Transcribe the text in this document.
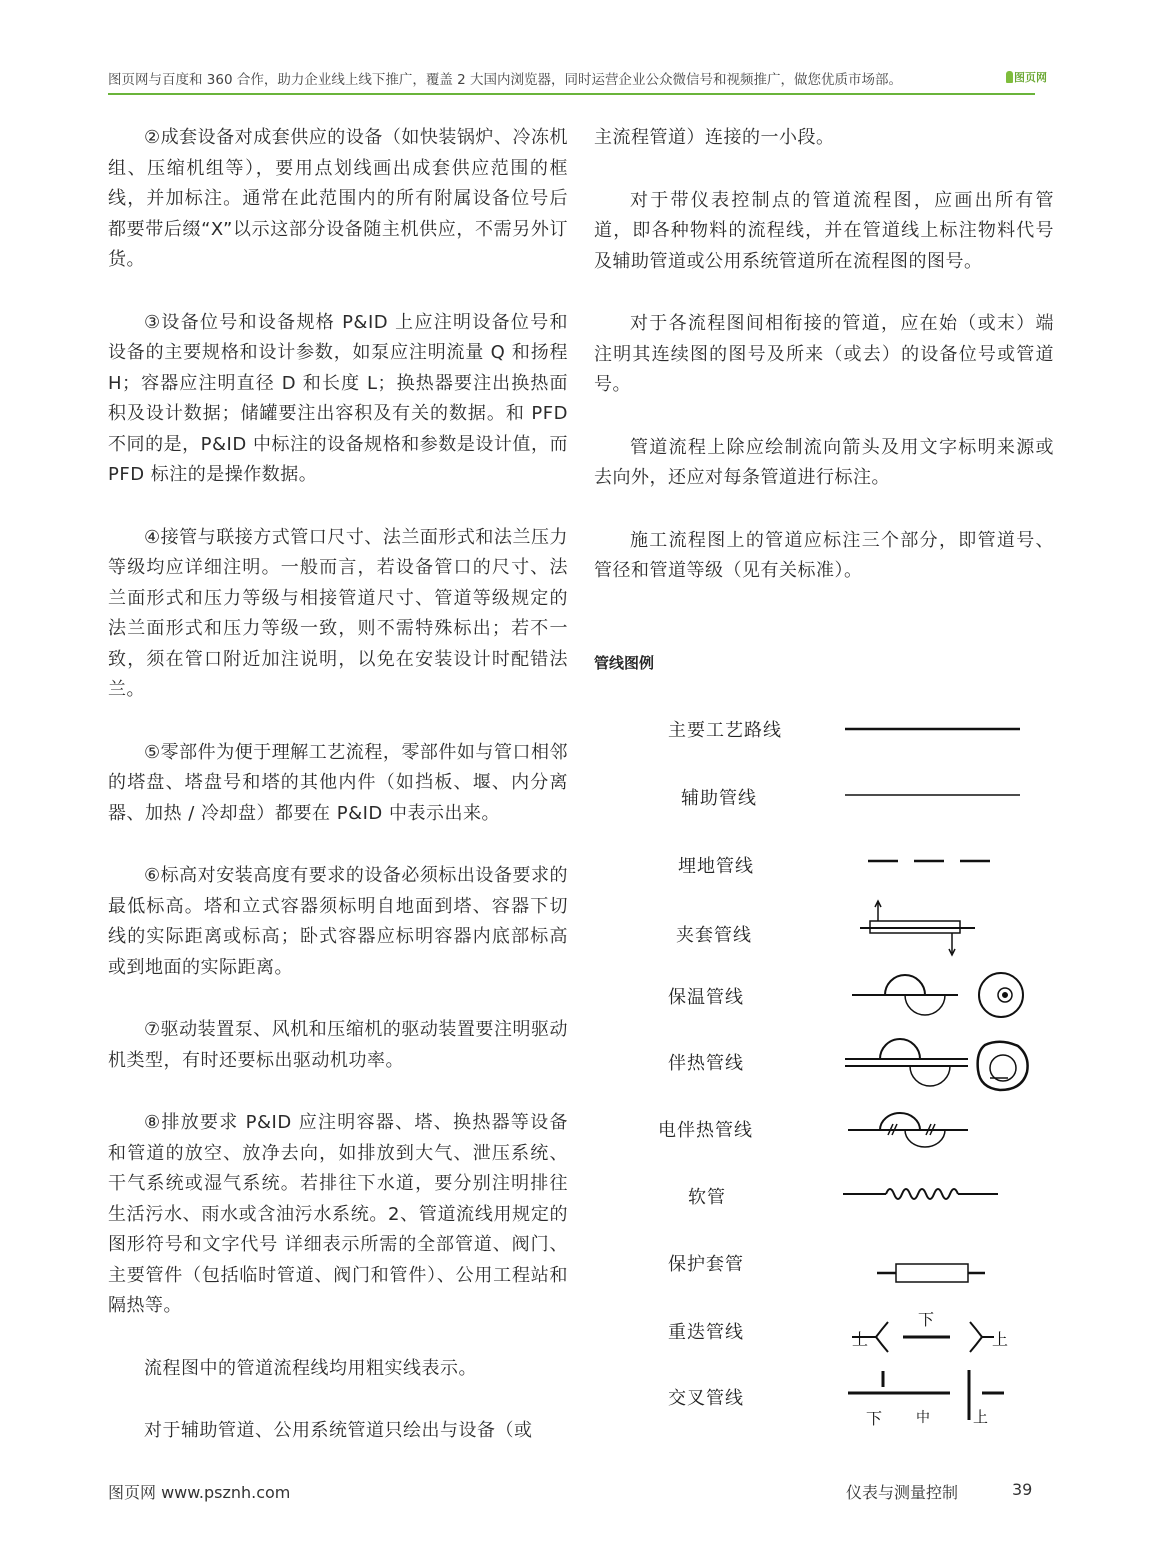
图页网与百度和 360 合作，助力企业线上线下推广，覆盖 2 大国内浏览器，同时运营企业公众微信号和视频推广，做您优质市场部。	图页网

②成套设备对成套供应的设备（如快装锅炉、冷冻机组、压缩机组等），要用点划线画出成套供应范围的框线，并加标注。通常在此范围内的所有附属设备位号后都要带后缀“X”以示这部分设备随主机供应，不需另外订货。

③设备位号和设备规格 P&ID 上应注明设备位号和设备的主要规格和设计参数，如泵应注明流量 Q 和扬程 H；容器应注明直径 D 和长度 L；换热器要注出换热面积及设计数据；储罐要注出容积及有关的数据。和 PFD 不同的是，P&ID 中标注的设备规格和参数是设计值，而 PFD 标注的是操作数据。

④接管与联接方式管口尺寸、法兰面形式和法兰压力等级均应详细注明。一般而言，若设备管口的尺寸、法兰面形式和压力等级与相接管道尺寸、管道等级规定的法兰面形式和压力等级一致，则不需特殊标出；若不一致，须在管口附近加注说明，以免在安装设计时配错法兰。

⑤零部件为便于理解工艺流程，零部件如与管口相邻的塔盘、塔盘号和塔的其他内件（如挡板、堰、内分离器、加热 / 冷却盘）都要在 P&ID 中表示出来。

⑥标高对安装高度有要求的设备必须标出设备要求的最低标高。塔和立式容器须标明自地面到塔、容器下切线的实际距离或标高；卧式容器应标明容器内底部标高或到地面的实际距离。

⑦驱动装置泵、风机和压缩机的驱动装置要注明驱动机类型，有时还要标出驱动机功率。

⑧排放要求 P&ID 应注明容器、塔、换热器等设备和管道的放空、放净去向，如排放到大气、泄压系统、干气系统或湿气系统。若排往下水道，要分别注明排往生活污水、雨水或含油污水系统。2、管道流线用规定的图形符号和文字代号 详细表示所需的全部管道、阀门、主要管件（包括临时管道、阀门和管件）、公用工程站和隔热等。

流程图中的管道流程线均用粗实线表示。

对于辅助管道、公用系统管道只绘出与设备（或

主流程管道）连接的一小段。

对于带仪表控制点的管道流程图，应画出所有管道，即各种物料的流程线，并在管道线上标注物料代号及辅助管道或公用系统管道所在流程图的图号。

对于各流程图间相衔接的管道，应在始（或末）端注明其连续图的图号及所来（或去）的设备位号或管道号。

管道流程上除应绘制流向箭头及用文字标明来源或去向外，还应对每条管道进行标注。

施工流程图上的管道应标注三个部分，即管道号、管径和管道等级（见有关标准）。

管线图例
主要工艺路线
辅助管线
埋地管线
夹套管线
保温管线
伴热管线
电伴热管线
软管
保护套管
重迭管线
交叉管线
上
下
上
下 中	上
图页网 www.psznh.com	仪表与测量控制	39
